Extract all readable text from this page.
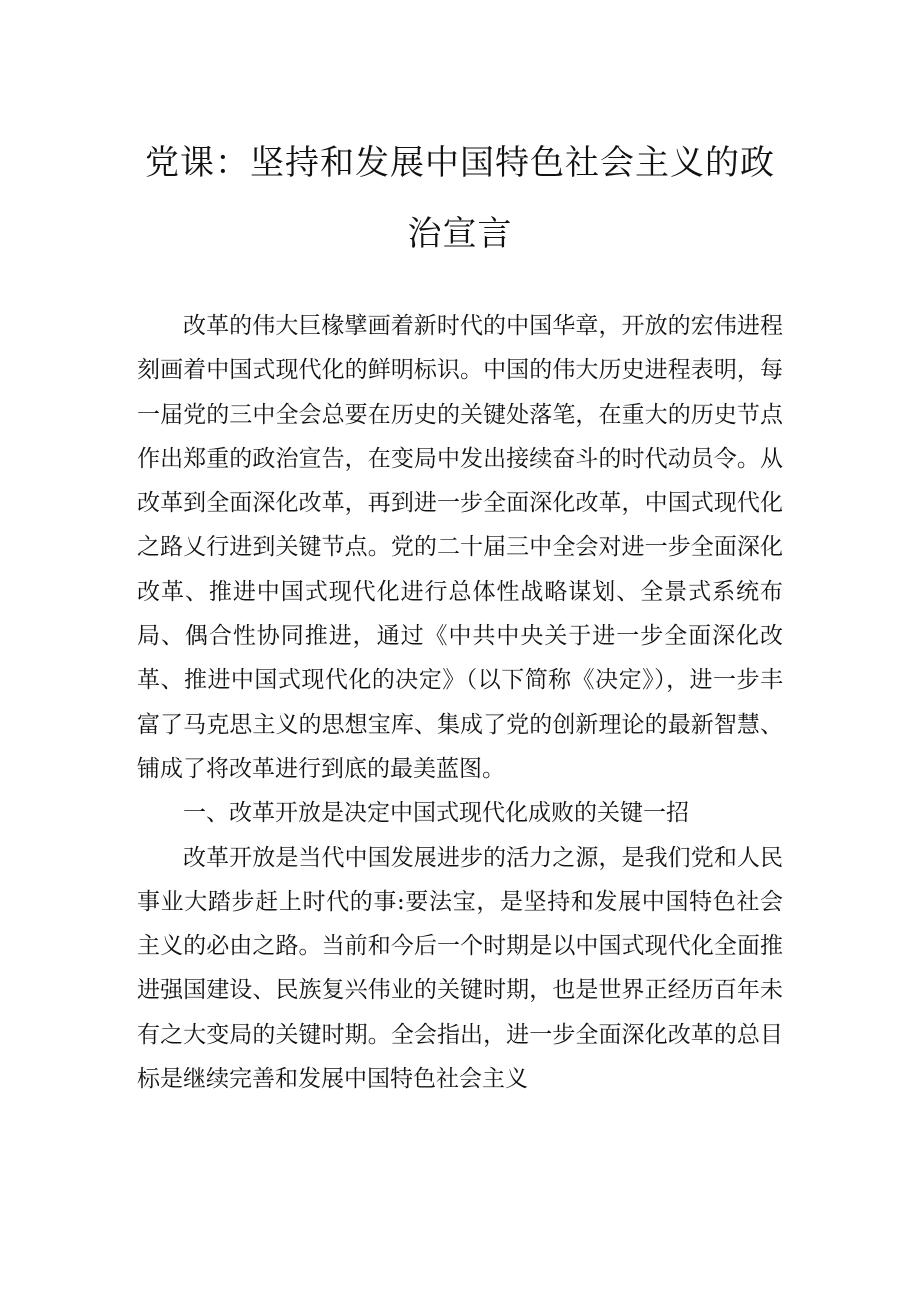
党课：坚持和发展中国特色社会主义的政治宣言

改革的伟大巨椽擘画着新时代的中国华章，开放的宏伟进程刻画着中国式现代化的鲜明标识。中国的伟大历史进程表明，每一届党的三中全会总要在历史的关键处落笔，在重大的历史节点作出郑重的政治宣告，在变局中发出接续奋斗的时代动员令。从改革到全面深化改革，再到进一步全面深化改革，中国式现代化之路乂行进到关键节点。党的二十届三中全会对进一步全面深化改革、推进中国式现代化进行总体性战略谋划、全景式系统布局、偶合性协同推进，通过《中共中央关于进一步全面深化改革、推进中国式现代化的决定》（以下简称《决定》），进一步丰富了马克思主义的思想宝库、集成了党的创新理论的最新智慧、铺成了将改革进行到底的最美蓝图。

一、改革开放是决定中国式现代化成败的关键一招

改革开放是当代中国发展进步的活力之源，是我们党和人民事业大踏步赶上时代的事:要法宝，是坚持和发展中国特色社会主义的必由之路。当前和今后一个时期是以中国式现代化全面推进强国建设、民族复兴伟业的关键时期，也是世界正经历百年未有之大变局的关键时期。全会指出，进一步全面深化改革的总目标是继续完善和发展中国特色社会主义
